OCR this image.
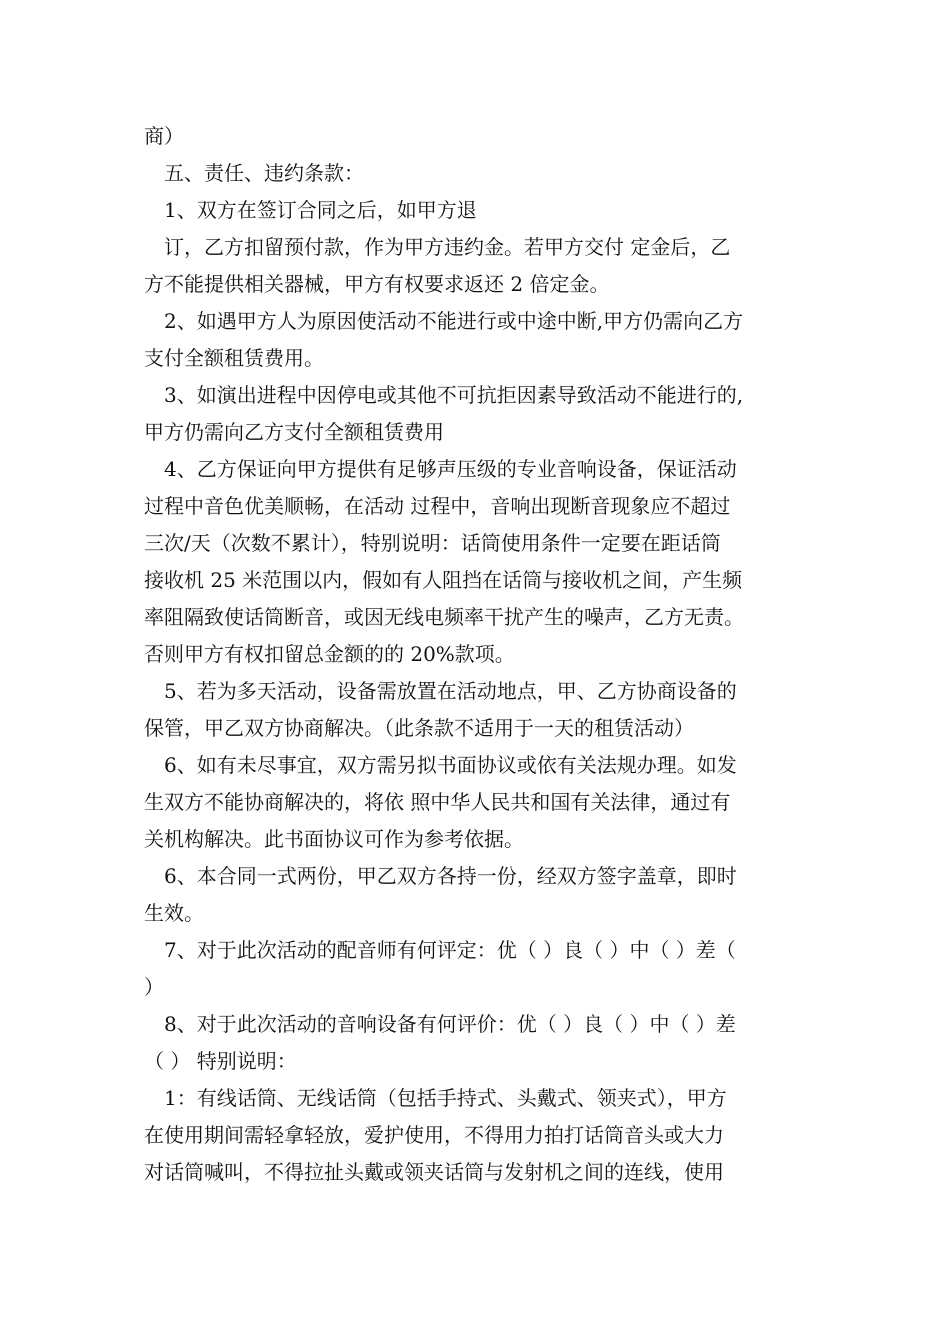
商）
　五、责任、违约条款：
　1、双方在签订合同之后，如甲方退
　订，乙方扣留预付款，作为甲方违约金。若甲方交付 定金后，乙
方不能提供相关器械，甲方有权要求返还 2 倍定金。
　2、如遇甲方人为原因使活动不能进行或中途中断,甲方仍需向乙方
支付全额租赁费用。
　3、如演出进程中因停电或其他不可抗拒因素导致活动不能进行的,
甲方仍需向乙方支付全额租赁费用
　4、乙方保证向甲方提供有足够声压级的专业音响设备，保证活动
过程中音色优美顺畅，在活动 过程中，音响出现断音现象应不超过
三次/天（次数不累计），特别说明：话筒使用条件一定要在距话筒
接收机 25 米范围以内，假如有人阻挡在话筒与接收机之间，产生频
率阻隔致使话筒断音，或因无线电频率干扰产生的噪声，乙方无责。
否则甲方有权扣留总金额的的 20%款项。
　5、若为多天活动，设备需放置在活动地点，甲、乙方协商设备的
保管，甲乙双方协商解决。（此条款不适用于一天的租赁活动）
　6、如有未尽事宜，双方需另拟书面协议或依有关法规办理。如发
生双方不能协商解决的，将依 照中华人民共和国有关法律，通过有
关机构解决。此书面协议可作为参考依据。
　6、本合同一式两份，甲乙双方各持一份，经双方签字盖章，即时
生效。
　7、对于此次活动的配音师有何评定：优（ ）良（ ）中（ ）差（
）
　8、对于此次活动的音响设备有何评价：优（ ）良（ ）中（ ）差
（ ） 特别说明：
　1：有线话筒、无线话筒（包括手持式、头戴式、领夹式），甲方
在使用期间需轻拿轻放，爱护使用，不得用力拍打话筒音头或大力
对话筒喊叫，不得拉扯头戴或领夹话筒与发射机之间的连线，使用
